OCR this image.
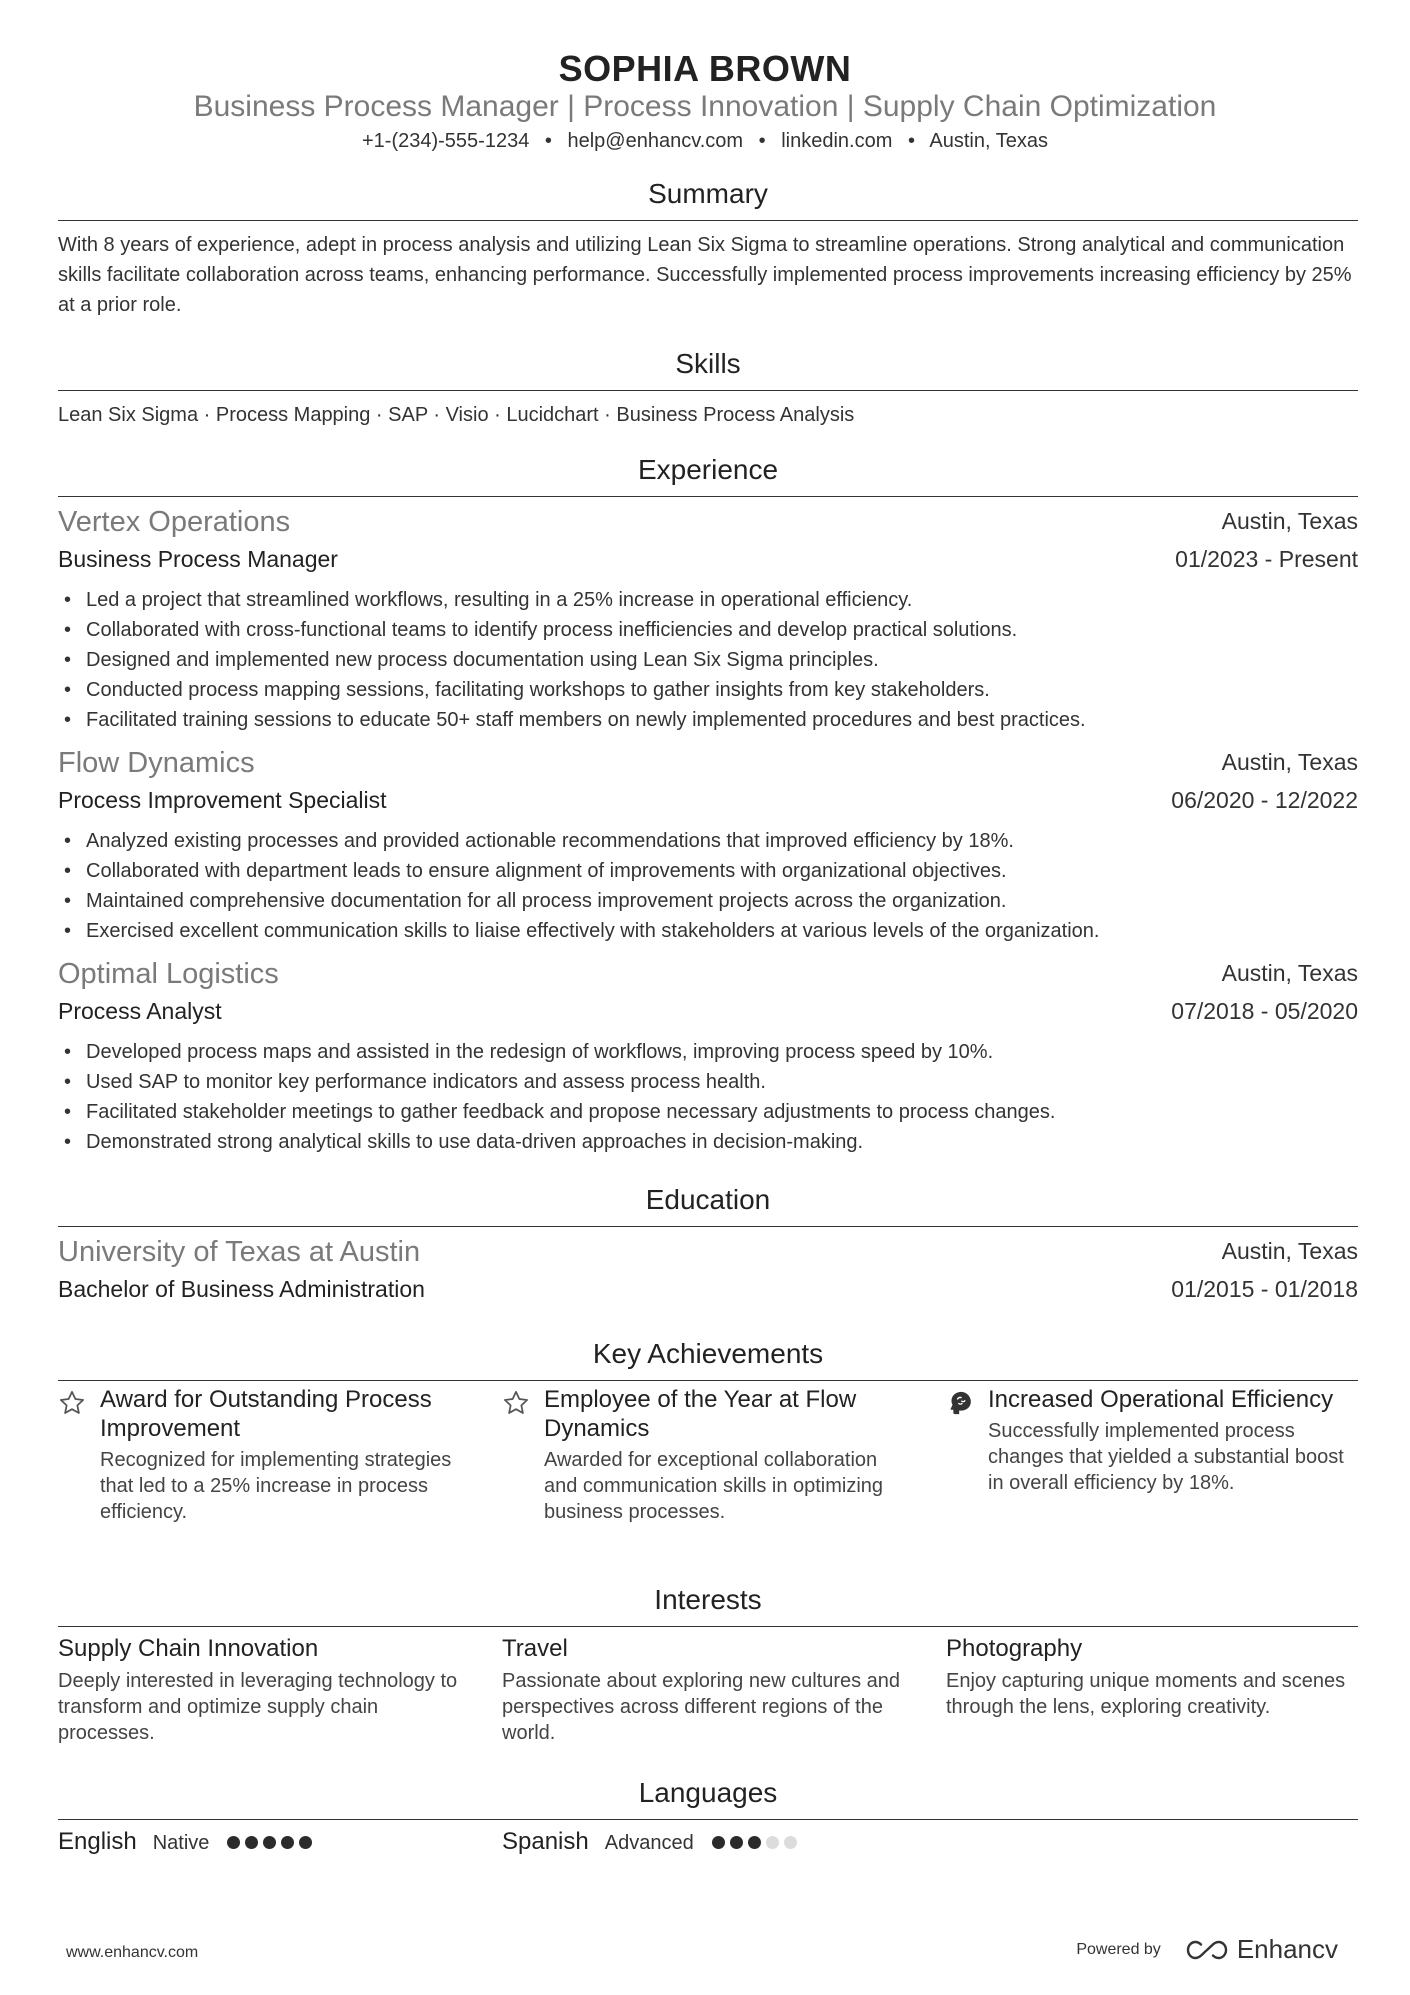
SOPHIA BROWN
Business Process Manager | Process Innovation | Supply Chain Optimization
+1-(234)-555-1234 • help@enhancv.com • linkedin.com • Austin, Texas
Summary
With 8 years of experience, adept in process analysis and utilizing Lean Six Sigma to streamline operations. Strong analytical and communication skills facilitate collaboration across teams, enhancing performance. Successfully implemented process improvements increasing efficiency by 25% at a prior role.
Skills
Lean Six Sigma · Process Mapping · SAP · Visio · Lucidchart · Business Process Analysis
Experience
Vertex Operations	Austin, Texas
Business Process Manager	01/2023 - Present
• Led a project that streamlined workflows, resulting in a 25% increase in operational efficiency.
• Collaborated with cross-functional teams to identify process inefficiencies and develop practical solutions.
• Designed and implemented new process documentation using Lean Six Sigma principles.
• Conducted process mapping sessions, facilitating workshops to gather insights from key stakeholders.
• Facilitated training sessions to educate 50+ staff members on newly implemented procedures and best practices.
Flow Dynamics	Austin, Texas
Process Improvement Specialist	06/2020 - 12/2022
• Analyzed existing processes and provided actionable recommendations that improved efficiency by 18%.
• Collaborated with department leads to ensure alignment of improvements with organizational objectives.
• Maintained comprehensive documentation for all process improvement projects across the organization.
• Exercised excellent communication skills to liaise effectively with stakeholders at various levels of the organization.
Optimal Logistics	Austin, Texas
Process Analyst	07/2018 - 05/2020
• Developed process maps and assisted in the redesign of workflows, improving process speed by 10%.
• Used SAP to monitor key performance indicators and assess process health.
• Facilitated stakeholder meetings to gather feedback and propose necessary adjustments to process changes.
• Demonstrated strong analytical skills to use data-driven approaches in decision-making.
Education
University of Texas at Austin	Austin, Texas
Bachelor of Business Administration	01/2015 - 01/2018
Key Achievements
Award for Outstanding Process Improvement
Recognized for implementing strategies that led to a 25% increase in process efficiency.
Employee of the Year at Flow Dynamics
Awarded for exceptional collaboration and communication skills in optimizing business processes.
Increased Operational Efficiency
Successfully implemented process changes that yielded a substantial boost in overall efficiency by 18%.
Interests
Supply Chain Innovation
Deeply interested in leveraging technology to transform and optimize supply chain processes.
Travel
Passionate about exploring new cultures and perspectives across different regions of the world.
Photography
Enjoy capturing unique moments and scenes through the lens, exploring creativity.
Languages
English Native	Spanish Advanced
www.enhancv.com	Powered by	Enhancv
